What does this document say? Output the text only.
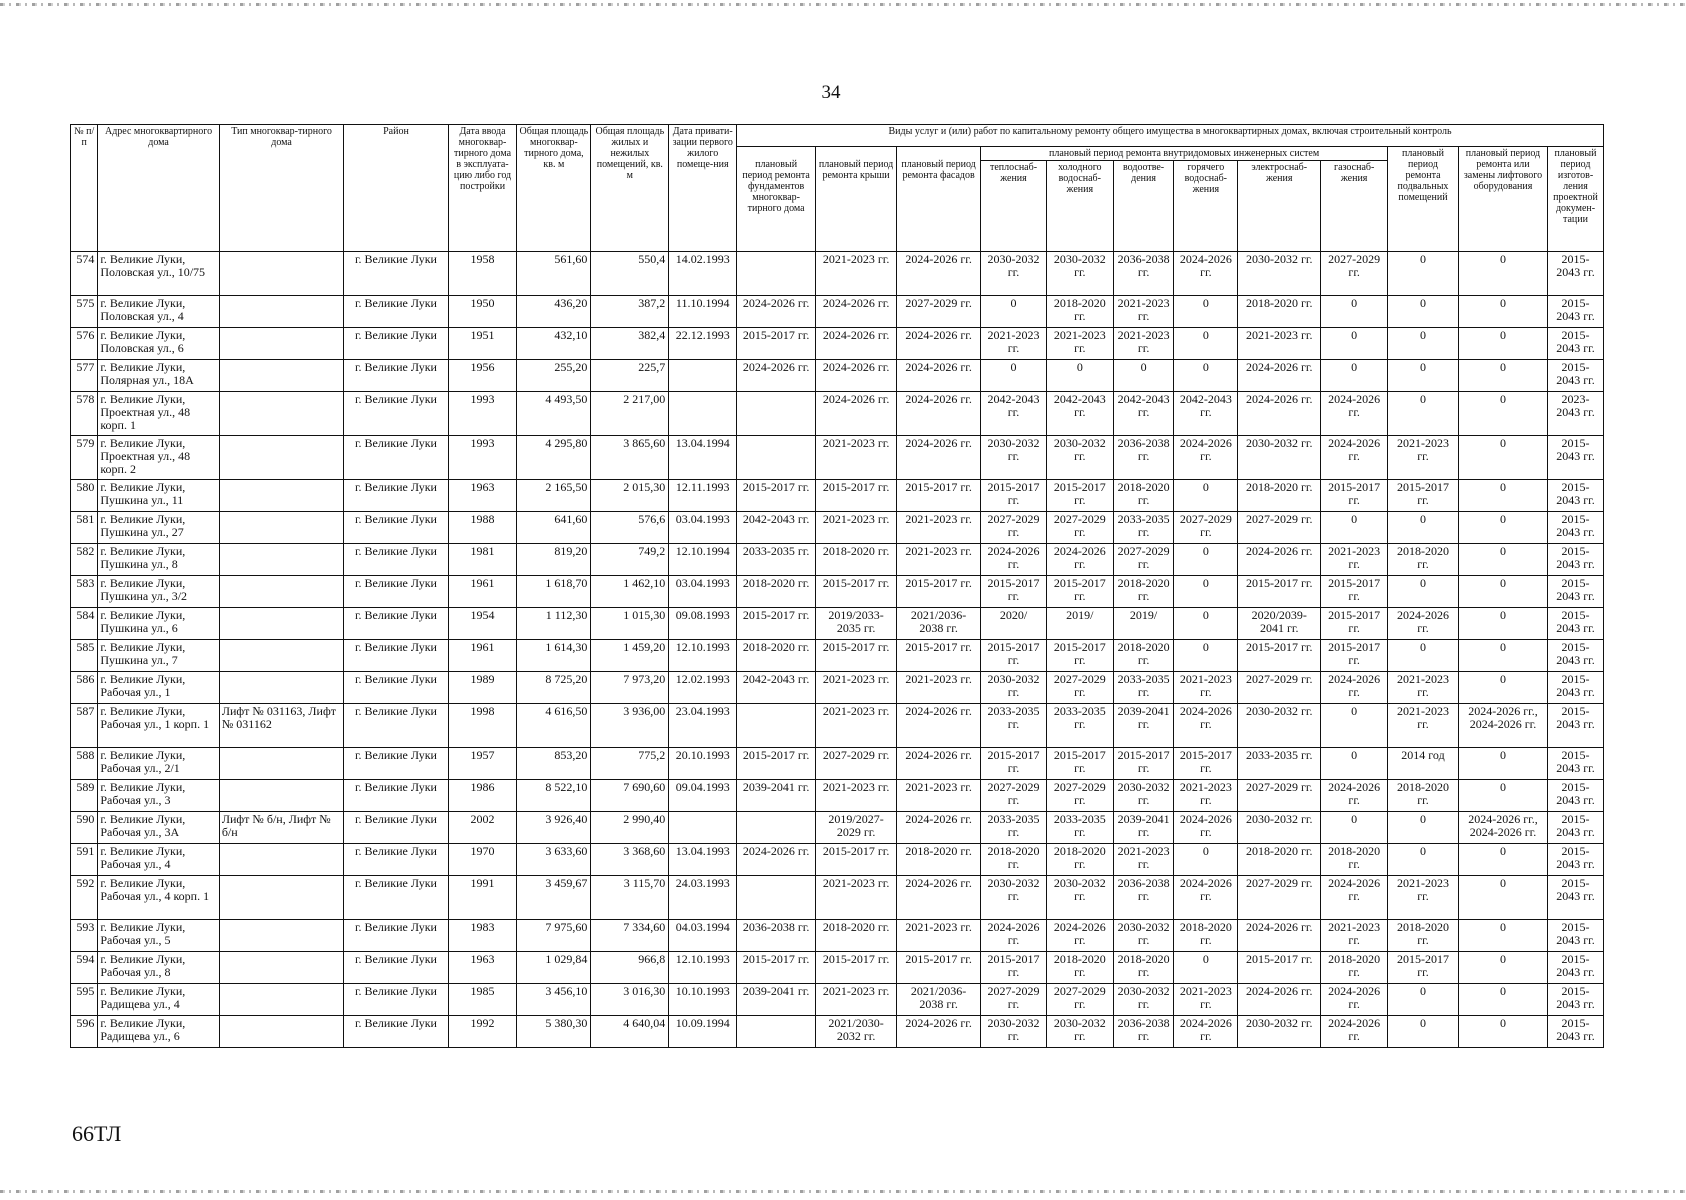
34
№ п/п	Адрес многоквартирного дома	Тип многоквар-тирного дома	Район	Дата ввода многоквар-тирного дома в эксплуата-цию либо год постройки	Общая площадь многоквар-тирного дома, кв. м	Общая площадь жилых и нежилых помещений, кв. м	Дата привати-зации первого жилого помеще-ния	Виды услуг и (или) работ по капитальному ремонту общего имущества в многоквартирных домах, включая строительный контроль											
								плановый период ремонта фундаментов многоквар-тирного дома	плановый период ремонта крыши	плановый период ремонта фасадов	плановый период ремонта внутридомовых инженерных систем						плановый период ремонта подвальных помещений	плановый период ремонта или замены лифтового оборудования	плановый период изготов-ления проектной докумен-тации
											теплоснаб-жения	холодного водоснаб-жения	водоотве-дения	горячего водоснаб-жения	электроснаб-жения	газоснаб-жения			
574	г. Великие Луки, Половская ул., 10/75		г. Великие Луки	1958	561,60	550,4	14.02.1993		2021-2023 гг.	2024-2026 гг.	2030-2032 гг.	2030-2032 гг.	2036-2038 гг.	2024-2026 гг.	2030-2032 гг.	2027-2029 гг.	0	0	2015-2043 гг.
575	г. Великие Луки, Половская ул., 4		г. Великие Луки	1950	436,20	387,2	11.10.1994	2024-2026 гг.	2024-2026 гг.	2027-2029 гг.	0	2018-2020 гг.	2021-2023 гг.	0	2018-2020 гг.	0	0	0	2015-2043 гг.
576	г. Великие Луки, Половская ул., 6		г. Великие Луки	1951	432,10	382,4	22.12.1993	2015-2017 гг.	2024-2026 гг.	2024-2026 гг.	2021-2023 гг.	2021-2023 гг.	2021-2023 гг.	0	2021-2023 гг.	0	0	0	2015-2043 гг.
577	г. Великие Луки, Полярная ул., 18А		г. Великие Луки	1956	255,20	225,7		2024-2026 гг.	2024-2026 гг.	2024-2026 гг.	0	0	0	0	2024-2026 гг.	0	0	0	2015-2043 гг.
578	г. Великие Луки, Проектная ул., 48 корп. 1		г. Великие Луки	1993	4 493,50	2 217,00			2024-2026 гг.	2024-2026 гг.	2042-2043 гг.	2042-2043 гг.	2042-2043 гг.	2042-2043 гг.	2024-2026 гг.	2024-2026 гг.	0	0	2023-2043 гг.
579	г. Великие Луки, Проектная ул., 48 корп. 2		г. Великие Луки	1993	4 295,80	3 865,60	13.04.1994		2021-2023 гг.	2024-2026 гг.	2030-2032 гг.	2030-2032 гг.	2036-2038 гг.	2024-2026 гг.	2030-2032 гг.	2024-2026 гг.	2021-2023 гг.	0	2015-2043 гг.
580	г. Великие Луки, Пушкина ул., 11		г. Великие Луки	1963	2 165,50	2 015,30	12.11.1993	2015-2017 гг.	2015-2017 гг.	2015-2017 гг.	2015-2017 гг.	2015-2017 гг.	2018-2020 гг.	0	2018-2020 гг.	2015-2017 гг.	2015-2017 гг.	0	2015-2043 гг.
581	г. Великие Луки, Пушкина ул., 27		г. Великие Луки	1988	641,60	576,6	03.04.1993	2042-2043 гг.	2021-2023 гг.	2021-2023 гг.	2027-2029 гг.	2027-2029 гг.	2033-2035 гг.	2027-2029 гг.	2027-2029 гг.	0	0	0	2015-2043 гг.
582	г. Великие Луки, Пушкина ул., 8		г. Великие Луки	1981	819,20	749,2	12.10.1994	2033-2035 гг.	2018-2020 гг.	2021-2023 гг.	2024-2026 гг.	2024-2026 гг.	2027-2029 гг.	0	2024-2026 гг.	2021-2023 гг.	2018-2020 гг.	0	2015-2043 гг.
583	г. Великие Луки, Пушкина ул., 3/2		г. Великие Луки	1961	1 618,70	1 462,10	03.04.1993	2018-2020 гг.	2015-2017 гг.	2015-2017 гг.	2015-2017 гг.	2015-2017 гг.	2018-2020 гг.	0	2015-2017 гг.	2015-2017 гг.	0	0	2015-2043 гг.
584	г. Великие Луки, Пушкина ул., 6		г. Великие Луки	1954	1 112,30	1 015,30	09.08.1993	2015-2017 гг.	2019/2033-2035 гг.	2021/2036-2038 гг.	2020/	2019/	2019/	0	2020/2039-2041 гг.	2015-2017 гг.	2024-2026 гг.	0	2015-2043 гг.
585	г. Великие Луки, Пушкина ул., 7		г. Великие Луки	1961	1 614,30	1 459,20	12.10.1993	2018-2020 гг.	2015-2017 гг.	2015-2017 гг.	2015-2017 гг.	2015-2017 гг.	2018-2020 гг.	0	2015-2017 гг.	2015-2017 гг.	0	0	2015-2043 гг.
586	г. Великие Луки, Рабочая ул., 1		г. Великие Луки	1989	8 725,20	7 973,20	12.02.1993	2042-2043 гг.	2021-2023 гг.	2021-2023 гг.	2030-2032 гг.	2027-2029 гг.	2033-2035 гг.	2021-2023 гг.	2027-2029 гг.	2024-2026 гг.	2021-2023 гг.	0	2015-2043 гг.
587	г. Великие Луки, Рабочая ул., 1 корп. 1	Лифт № 031163, Лифт № 031162	г. Великие Луки	1998	4 616,50	3 936,00	23.04.1993		2021-2023 гг.	2024-2026 гг.	2033-2035 гг.	2033-2035 гг.	2039-2041 гг.	2024-2026 гг.	2030-2032 гг.	0	2021-2023 гг.	2024-2026 гг., 2024-2026 гг.	2015-2043 гг.
588	г. Великие Луки, Рабочая ул., 2/1		г. Великие Луки	1957	853,20	775,2	20.10.1993	2015-2017 гг.	2027-2029 гг.	2024-2026 гг.	2015-2017 гг.	2015-2017 гг.	2015-2017 гг.	2015-2017 гг.	2033-2035 гг.	0	2014 год	0	2015-2043 гг.
589	г. Великие Луки, Рабочая ул., 3		г. Великие Луки	1986	8 522,10	7 690,60	09.04.1993	2039-2041 гг.	2021-2023 гг.	2021-2023 гг.	2027-2029 гг.	2027-2029 гг.	2030-2032 гг.	2021-2023 гг.	2027-2029 гг.	2024-2026 гг.	2018-2020 гг.	0	2015-2043 гг.
590	г. Великие Луки, Рабочая ул., 3А	Лифт № б/н, Лифт № б/н	г. Великие Луки	2002	3 926,40	2 990,40			2019/2027-2029 гг.	2024-2026 гг.	2033-2035 гг.	2033-2035 гг.	2039-2041 гг.	2024-2026 гг.	2030-2032 гг.	0	0	2024-2026 гг., 2024-2026 гг.	2015-2043 гг.
591	г. Великие Луки, Рабочая ул., 4		г. Великие Луки	1970	3 633,60	3 368,60	13.04.1993	2024-2026 гг.	2015-2017 гг.	2018-2020 гг.	2018-2020 гг.	2018-2020 гг.	2021-2023 гг.	0	2018-2020 гг.	2018-2020 гг.	0	0	2015-2043 гг.
592	г. Великие Луки, Рабочая ул., 4 корп. 1		г. Великие Луки	1991	3 459,67	3 115,70	24.03.1993		2021-2023 гг.	2024-2026 гг.	2030-2032 гг.	2030-2032 гг.	2036-2038 гг.	2024-2026 гг.	2027-2029 гг.	2024-2026 гг.	2021-2023 гг.	0	2015-2043 гг.
593	г. Великие Луки, Рабочая ул., 5		г. Великие Луки	1983	7 975,60	7 334,60	04.03.1994	2036-2038 гг.	2018-2020 гг.	2021-2023 гг.	2024-2026 гг.	2024-2026 гг.	2030-2032 гг.	2018-2020 гг.	2024-2026 гг.	2021-2023 гг.	2018-2020 гг.	0	2015-2043 гг.
594	г. Великие Луки, Рабочая ул., 8		г. Великие Луки	1963	1 029,84	966,8	12.10.1993	2015-2017 гг.	2015-2017 гг.	2015-2017 гг.	2015-2017 гг.	2018-2020 гг.	2018-2020 гг.	0	2015-2017 гг.	2018-2020 гг.	2015-2017 гг.	0	2015-2043 гг.
595	г. Великие Луки, Радищева ул., 4		г. Великие Луки	1985	3 456,10	3 016,30	10.10.1993	2039-2041 гг.	2021-2023 гг.	2021/2036-2038 гг.	2027-2029 гг.	2027-2029 гг.	2030-2032 гг.	2021-2023 гг.	2024-2026 гг.	2024-2026 гг.	0	0	2015-2043 гг.
596	г. Великие Луки, Радищева ул., 6		г. Великие Луки	1992	5 380,30	4 640,04	10.09.1994		2021/2030-2032 гг.	2024-2026 гг.	2030-2032 гг.	2030-2032 гг.	2036-2038 гг.	2024-2026 гг.	2030-2032 гг.	2024-2026 гг.	0	0	2015-2043 гг.
66ТЛ
